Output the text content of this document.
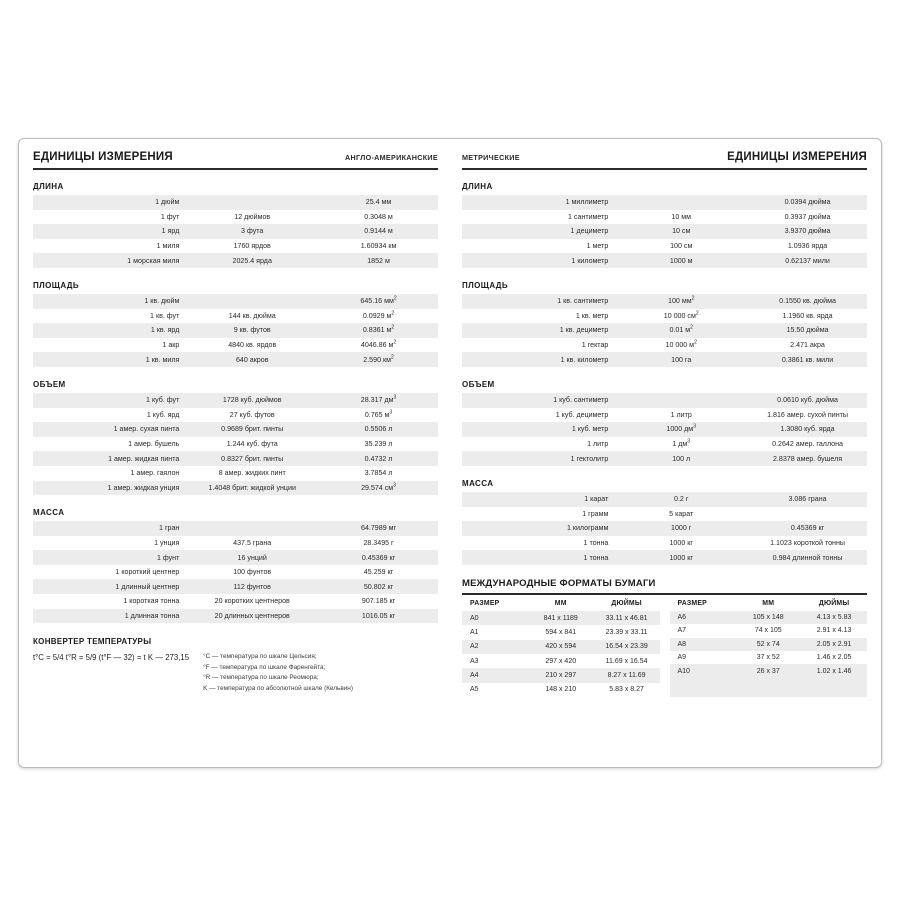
ЕДИНИЦЫ ИЗМЕРЕНИЯ	АНГЛО-АМЕРИКАНСКИЕ
ДЛИНА
1 дюйм		25.4 мм
1 фут	12 дюймов	0.3048 м
1 ярд	3 фута	0.9144 м
1 миля	1760 ярдов	1.60934 км
1 морская миля	2025.4 ярда	1852 м
ПЛОЩАДЬ
1 кв. дюйм		645.16 $мм^2$
1 кв. фут	144 кв. дюйма	0.0929 $м^2$
1 кв. ярд	9 кв. футов	0.8361 $м^2$
1 акр	4840 кв. ярдов	4046.86 $м^2$
1 кв. миля	640 акров	2.590 $км^2$
ОБЪЕМ
1 куб. фут	1728 куб. дюймов	28.317 $дм^3$
1 куб. ярд	27 куб. футов	0.765 $м^3$
1 амер. сухая пинта	0.9689 брит. пинты	0.5506 л
1 амер. бушель	1.244 куб. фута	35.239 л
1 амер. жидкая пинта	0.8327 брит. пинты	0.4732 л
1 амер. гаялон	8 амер. жидких пинт	3.7854 л
1 амер. жидкая унция	1.4048 брит. жидкой унции	29.574 $см^3$
МАССА
1 гран		64.7989 мг
1 унция	437.5 грана	28.3495 г
1 фунт	16 унций	0.45369 кг
1 короткий центнер	100 фунтов	45.259 кг
1 длинный центнер	112 фунтов	50.802 кг
1 короткая тонна	20 коротких центнеров	907.185 кг
1 длинная тонна	20 длинных центнеров	1016.05 кг
КОНВЕРТЕР ТЕМПЕРАТУРЫ
t°C = 5/4 t°R = 5/9 (t°F — 32) = t K — 273,15 °C — температура по шкале Цельсия;
°F — температура по шкале Фаренгейта;
°R — температура по шкале Реомюра;
K — температура по абсолютной шкале (Кельвин)
МЕТРИЧЕСКИЕ	ЕДИНИЦЫ ИЗМЕРЕНИЯ
ДЛИНА
1 миллиметр		0.0394 дюйма
1 сантиметр	10 мм	0.3937 дюйма
1 дециметр	10 см	3.9370 дюйма
1 метр	100 см	1.0936 ярда
1 километр	1000 м	0.62137 мили
ПЛОЩАДЬ
1 кв. сантиметр	100 $мм^2$	0.1550 кв. дюйма
1 кв. метр	10 000 $см^2$	1.1960 кв. ярда
1 кв. дециметр	0.01 $м^2$	15.50 дюйма
1 гектар	10 000 $м^2$	2.471 акра
1 кв. километр	100 га	0.3861 кв. мили
ОБЪЕМ
1 куб. сантиметр		0.0610 куб. дюйма
1 куб. дециметр	1 литр	1.816 амер. сухой пинты
1 куб. метр	1000 $дм^3$	1.3080 куб. ярда
1 литр	1 $дм^3$	0.2642 амер. галлона
1 гектолитр	100 л	2.8378 амер. бушеля
МАССА
1 карат	0.2 г	3.086 грана
1 грамм	5 карат	
1 килограмм	1000 г	0.45369 кг
1 тонна	1000 кг	1.1023 короткой тонны
1 тонна	1000 кг	0.984 длинной тонны
МЕЖДУНАРОДНЫЕ ФОРМАТЫ БУМАГИ
РАЗМЕР	ММ	ДЮЙМЫ
A0	841 x 1189	33.11 x 46.81
A1	594 x 841	23.39 x 33.11
A2	420 x 594	16.54 x 23.39
A3	297 x 420	11.69 x 16.54
A4	210 x 297	8.27 x 11.69
A5	148 x 210	5.83 x 8.27
РАЗМЕР	ММ	ДЮЙМЫ
A6	105 x 148	4.13 x 5.83
A7	74 x 105	2.91 x 4.13
A8	52 x 74	2.05 x 2.91
A9	37 x 52	1.46 x 2.05
A10	26 x 37	1.02 x 1.46
